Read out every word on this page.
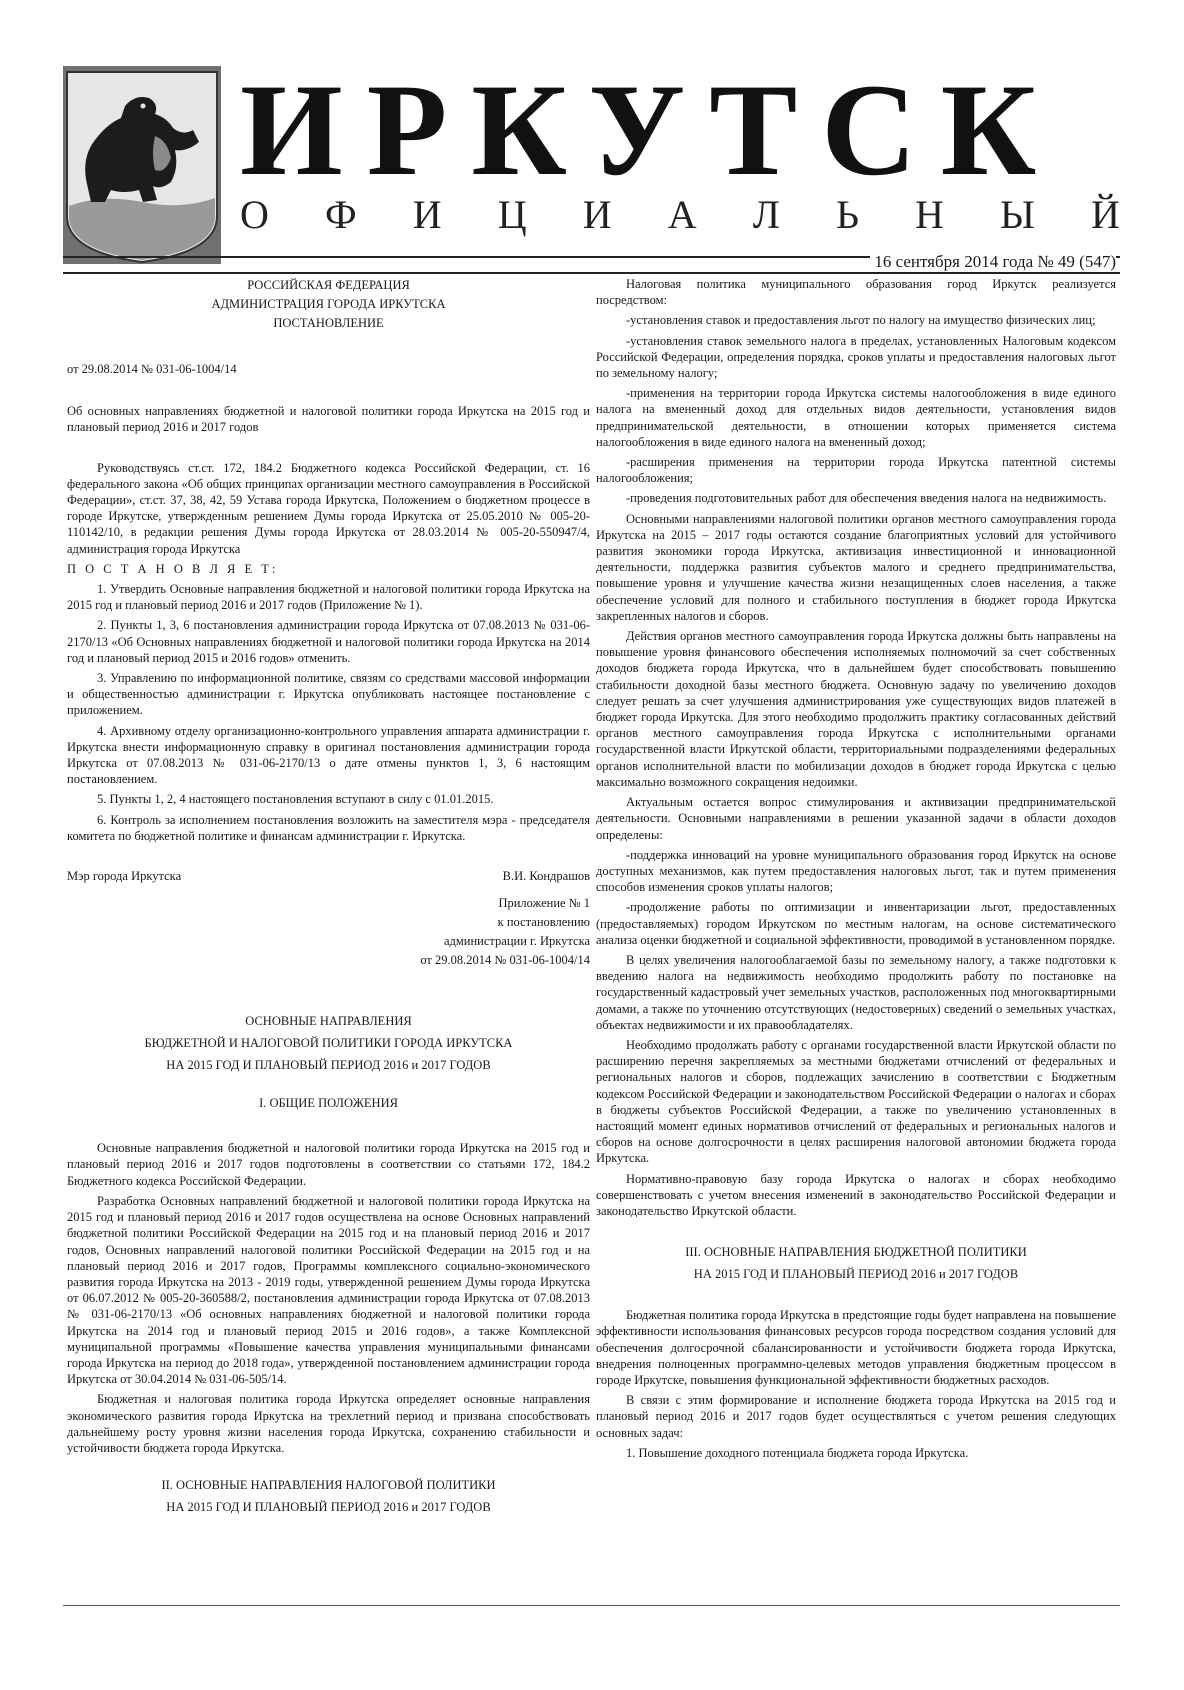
ИРКУТСК
О Ф И Ц И А Л Ь Н Ы Й
16 сентября 2014 года № 49 (547)
РОССИЙСКАЯ ФЕДЕРАЦИЯ
АДМИНИСТРАЦИЯ ГОРОДА ИРКУТСКА
ПОСТАНОВЛЕНИЕ

от 29.08.2014 № 031-06-1004/14

Об основных направлениях бюджетной и налоговой политики города Иркутска на 2015 год и плановый период 2016 и 2017 годов

Руководствуясь ст.ст. 172, 184.2 Бюджетного кодекса Российской Федерации, ст. 16 федерального закона «Об общих принципах организации местного самоуправления в Российской Федерации», ст.ст. 37, 38, 42, 59 Устава города Иркутска, Положением о бюджетном процессе в городе Иркутске, утвержденным решением Думы города Иркутска от 25.05.2010 № 005-20-110142/10, в редакции решения Думы города Иркутска от 28.03.2014 № 005-20-550947/4, администрация города Иркутска

П О С Т А Н О В Л Я Е Т:

1. Утвердить Основные направления бюджетной и налоговой политики города Иркутска на 2015 год и плановый период 2016 и 2017 годов (Приложение № 1).

2. Пункты 1, 3, 6 постановления администрации города Иркутска от 07.08.2013 № 031-06-2170/13 «Об Основных направлениях бюджетной и налоговой политики города Иркутска на 2014 год и плановый период 2015 и 2016 годов» отменить.

3. Управлению по информационной политике, связям со средствами массовой информации и общественностью администрации г. Иркутска опубликовать настоящее постановление с приложением.

4. Архивному отделу организационно-контрольного управления аппарата администрации г. Иркутска внести информационную справку в оригинал постановления администрации города Иркутска от 07.08.2013 № 031-06-2170/13 о дате отмены пунктов 1, 3, 6 настоящим постановлением.

5. Пункты 1, 2, 4 настоящего постановления вступают в силу с 01.01.2015.

6. Контроль за исполнением постановления возложить на заместителя мэра - председателя комитета по бюджетной политике и финансам администрации г. Иркутска.

Мэр города Иркутска	В.И. Кондрашов
Приложение № 1
к постановлению
администрации г. Иркутска
от 29.08.2014 № 031-06-1004/14
ОСНОВНЫЕ НАПРАВЛЕНИЯ
БЮДЖЕТНОЙ И НАЛОГОВОЙ ПОЛИТИКИ ГОРОДА ИРКУТСКА
НА 2015 ГОД И ПЛАНОВЫЙ ПЕРИОД 2016 и 2017 ГОДОВ
I. ОБЩИЕ ПОЛОЖЕНИЯ

Основные направления бюджетной и налоговой политики города Иркутска на 2015 год и плановый период 2016 и 2017 годов подготовлены в соответствии со статьями 172, 184.2 Бюджетного кодекса Российской Федерации.

Разработка Основных направлений бюджетной и налоговой политики города Иркутска на 2015 год и плановый период 2016 и 2017 годов осуществлена на основе Основных направлений бюджетной политики Российской Федерации на 2015 год и на плановый период 2016 и 2017 годов, Основных направлений налоговой политики Российской Федерации на 2015 год и на плановый период 2016 и 2017 годов, Программы комплексного социально-экономического развития города Иркутска на 2013 - 2019 годы, утвержденной решением Думы города Иркутска от 06.07.2012 № 005-20-360588/2, постановления администрации города Иркутска от 07.08.2013 № 031-06-2170/13 «Об основных направлениях бюджетной и налоговой политики города Иркутска на 2014 год и плановый период 2015 и 2016 годов», а также Комплексной муниципальной программы «Повышение качества управления муниципальными финансами города Иркутска на период до 2018 года», утвержденной постановлением администрации города Иркутска от 30.04.2014 № 031-06-505/14.

Бюджетная и налоговая политика города Иркутска определяет основные направления экономического развития города Иркутска на трехлетний период и призвана способствовать дальнейшему росту уровня жизни населения города Иркутска, сохранению стабильности и устойчивости бюджета города Иркутска.

II. ОСНОВНЫЕ НАПРАВЛЕНИЯ НАЛОГОВОЙ ПОЛИТИКИ
НА 2015 ГОД И ПЛАНОВЫЙ ПЕРИОД 2016 и 2017 ГОДОВ

Налоговая политика муниципального образования город Иркутск реализуется посредством:

-установления ставок и предоставления льгот по налогу на имущество физических лиц;

-установления ставок земельного налога в пределах, установленных Налоговым кодексом Российской Федерации, определения порядка, сроков уплаты и предоставления налоговых льгот по земельному налогу;

-применения на территории города Иркутска системы налогообложения в виде единого налога на вмененный доход для отдельных видов деятельности, установления видов предпринимательской деятельности, в отношении которых применяется система налогообложения в виде единого налога на вмененный доход;

-расширения применения на территории города Иркутска патентной системы налогообложения;

-проведения подготовительных работ для обеспечения введения налога на недвижимость.

Основными направлениями налоговой политики органов местного самоуправления города Иркутска на 2015 – 2017 годы остаются создание благоприятных условий для устойчивого развития экономики города Иркутска, активизация инвестиционной и инновационной деятельности, поддержка развития субъектов малого и среднего предпринимательства, повышение уровня и улучшение качества жизни незащищенных слоев населения, а также обеспечение условий для полного и стабильного поступления в бюджет города Иркутска закрепленных налогов и сборов.

Действия органов местного самоуправления города Иркутска должны быть направлены на повышение уровня финансового обеспечения исполняемых полномочий за счет собственных доходов бюджета города Иркутска, что в дальнейшем будет способствовать повышению стабильности доходной базы местного бюджета. Основную задачу по увеличению доходов следует решать за счет улучшения администрирования уже существующих видов платежей в бюджет города Иркутска. Для этого необходимо продолжить практику согласованных действий органов местного самоуправления города Иркутска с исполнительными органами государственной власти Иркутской области, территориальными подразделениями федеральных органов исполнительной власти по мобилизации доходов в бюджет города Иркутска с целью максимально возможного сокращения недоимки.

Актуальным остается вопрос стимулирования и активизации предпринимательской деятельности. Основными направлениями в решении указанной задачи в области доходов определены:

-поддержка инноваций на уровне муниципального образования город Иркутск на основе доступных механизмов, как путем предоставления налоговых льгот, так и путем применения способов изменения сроков уплаты налогов;

-продолжение работы по оптимизации и инвентаризации льгот, предоставленных (предоставляемых) городом Иркутском по местным налогам, на основе систематического анализа оценки бюджетной и социальной эффективности, проводимой в установленном порядке.

В целях увеличения налогооблагаемой базы по земельному налогу, а также подготовки к введению налога на недвижимость необходимо продолжить работу по постановке на государственный кадастровый учет земельных участков, расположенных под многоквартирными домами, а также по уточнению отсутствующих (недостоверных) сведений о земельных участках, объектах недвижимости и их правообладателях.

Необходимо продолжать работу с органами государственной власти Иркутской области по расширению перечня закрепляемых за местными бюджетами отчислений от федеральных и региональных налогов и сборов, подлежащих зачислению в соответствии с Бюджетным кодексом Российской Федерации и законодательством Российской Федерации о налогах и сборах в бюджеты субъектов Российской Федерации, а также по увеличению установленных в настоящий момент единых нормативов отчислений от федеральных и региональных налогов и сборов на основе долгосрочности в целях расширения налоговой автономии бюджета города Иркутска.

Нормативно-правовую базу города Иркутска о налогах и сборах необходимо совершенствовать с учетом внесения изменений в законодательство Российской Федерации и законодательство Иркутской области.

III. ОСНОВНЫЕ НАПРАВЛЕНИЯ БЮДЖЕТНОЙ ПОЛИТИКИ
НА 2015 ГОД И ПЛАНОВЫЙ ПЕРИОД 2016 и 2017 ГОДОВ

Бюджетная политика города Иркутска в предстоящие годы будет направлена на повышение эффективности использования финансовых ресурсов города посредством создания условий для обеспечения долгосрочной сбалансированности и устойчивости бюджета города Иркутска, внедрения полноценных программно-целевых методов управления бюджетным процессом в городе Иркутске, повышения функциональной эффективности бюджетных расходов.

В связи с этим формирование и исполнение бюджета города Иркутска на 2015 год и плановый период 2016 и 2017 годов будет осуществляться с учетом решения следующих основных задач:

1. Повышение доходного потенциала бюджета города Иркутска.
